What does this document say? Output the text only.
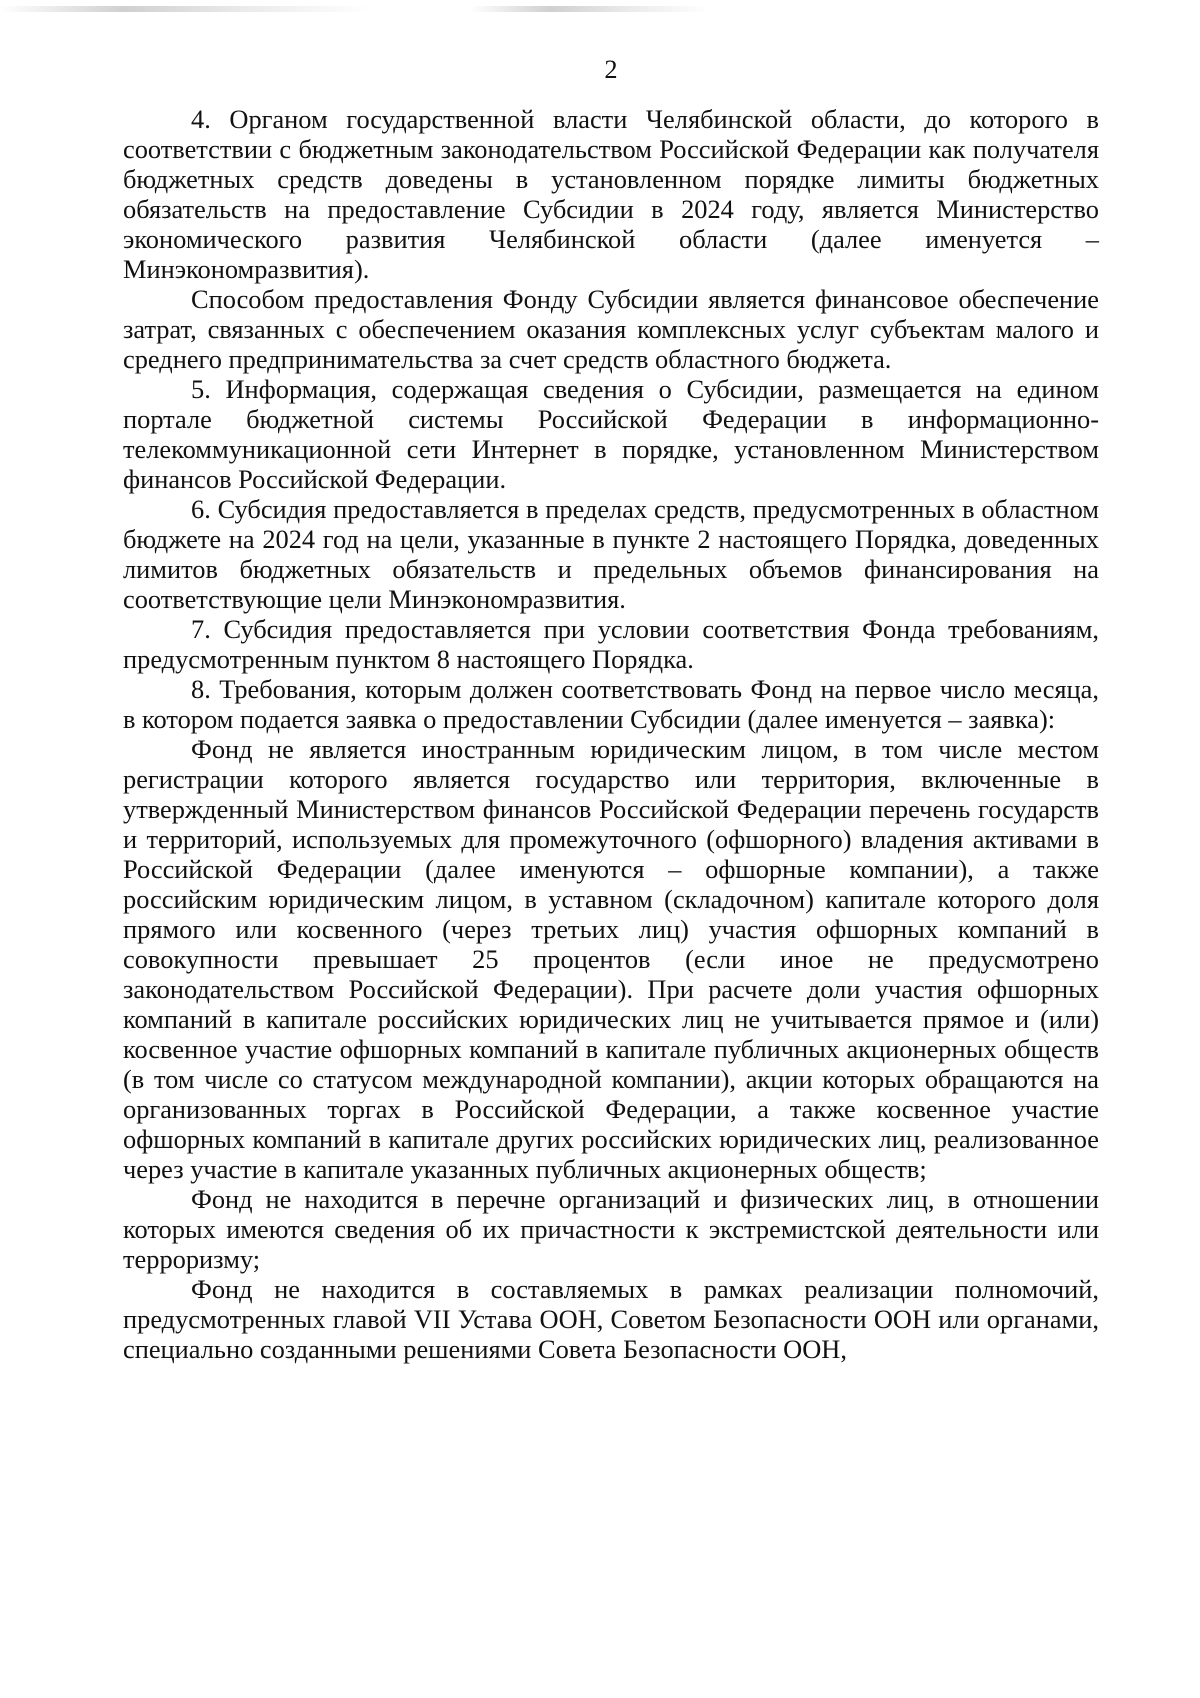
2

4. Органом государственной власти Челябинской области, до которого в соответствии с бюджетным законодательством Российской Федерации как получателя бюджетных средств доведены в установленном порядке лимиты бюджетных обязательств на предоставление Субсидии в 2024 году, является Министерство экономического развития Челябинской области (далее именуется – Минэкономразвития).

Способом предоставления Фонду Субсидии является финансовое обеспечение затрат, связанных с обеспечением оказания комплексных услуг субъектам малого и среднего предпринимательства за счет средств областного бюджета.

5. Информация, содержащая сведения о Субсидии, размещается на едином портале бюджетной системы Российской Федерации в информационно-телекоммуникационной сети Интернет в порядке, установленном Министерством финансов Российской Федерации.

6. Субсидия предоставляется в пределах средств, предусмотренных в областном бюджете на 2024 год на цели, указанные в пункте 2 настоящего Порядка, доведенных лимитов бюджетных обязательств и предельных объемов финансирования на соответствующие цели Минэкономразвития.

7. Субсидия предоставляется при условии соответствия Фонда требованиям, предусмотренным пунктом 8 настоящего Порядка.

8. Требования, которым должен соответствовать Фонд на первое число месяца, в котором подается заявка о предоставлении Субсидии (далее именуется – заявка):

Фонд не является иностранным юридическим лицом, в том числе местом регистрации которого является государство или территория, включенные в утвержденный Министерством финансов Российской Федерации перечень государств и территорий, используемых для промежуточного (офшорного) владения активами в Российской Федерации (далее именуются – офшорные компании), а также российским юридическим лицом, в уставном (складочном) капитале которого доля прямого или косвенного (через третьих лиц) участия офшорных компаний в совокупности превышает 25 процентов (если иное не предусмотрено законодательством Российской Федерации). При расчете доли участия офшорных компаний в капитале российских юридических лиц не учитывается прямое и (или) косвенное участие офшорных компаний в капитале публичных акционерных обществ (в том числе со статусом международной компании), акции которых обращаются на организованных торгах в Российской Федерации, а также косвенное участие офшорных компаний в капитале других российских юридических лиц, реализованное через участие в капитале указанных публичных акционерных обществ;

Фонд не находится в перечне организаций и физических лиц, в отношении которых имеются сведения об их причастности к экстремистской деятельности или терроризму;

Фонд не находится в составляемых в рамках реализации полномочий, предусмотренных главой VII Устава ООН, Советом Безопасности ООН или органами, специально созданными решениями Совета Безопасности ООН,
